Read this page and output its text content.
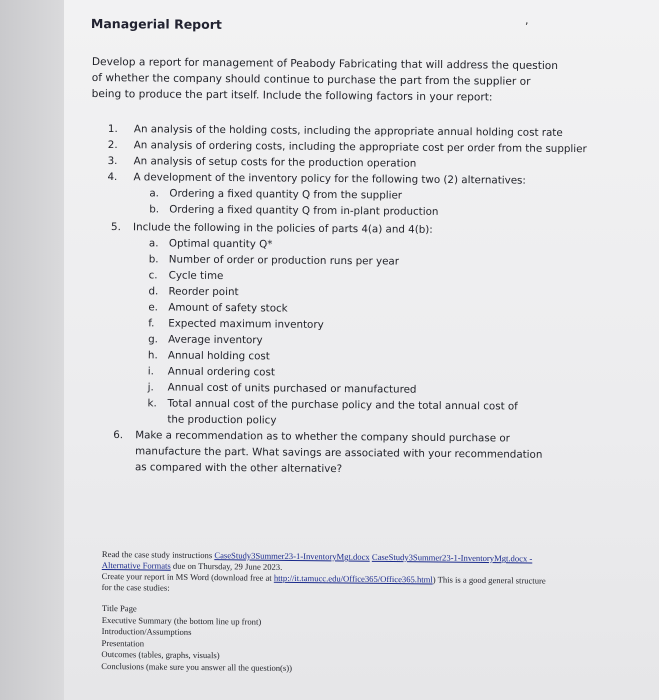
Managerial Report	,
Develop a report for management of Peabody Fabricating that will address the question of whether the company should continue to purchase the part from the supplier or being to produce the part itself. Include the following factors in your report:
1.	An analysis of the holding costs, including the appropriate annual holding cost rate
2.	An analysis of ordering costs, including the appropriate cost per order from the supplier
3.	An analysis of setup costs for the production operation
4.	A development of the inventory policy for the following two (2) alternatives:
a.	Ordering a fixed quantity Q from the supplier
b. Ordering a fixed quantity Q from in-plant production
5.	Include the following in the policies of parts 4(a) and 4(b):
a.	Optimal quantity Q*
b. Number of order or production runs per year
c.	Cycle time
d. Reorder point
e. Amount of safety stock
f.	Expected maximum inventory
g. Average inventory
h. Annual holding cost
i.	Annual ordering cost
j.	Annual cost of units purchased or manufactured
k.	Total annual cost of the purchase policy and the total annual cost of the production policy
6.	Make a recommendation as to whether the company should purchase or manufacture the part. What savings are associated with your recommendation as compared with the other alternative?
Read the case study instructions CaseStudy3Summer23-1-InventoryMgt.docx CaseStudy3Summer23-1-InventoryMgt.docx - Alternative Formats due on Thursday, 29 June 2023.
Create your report in MS Word (download free at http://it.tamucc.edu/Office365/Office365.html) This is a good general structure for the case studies:
Title Page
Executive Summary (the bottom line up front)
Introduction/Assumptions
Presentation
Outcomes (tables, graphs, visuals)
Conclusions (make sure you answer all the question(s))
